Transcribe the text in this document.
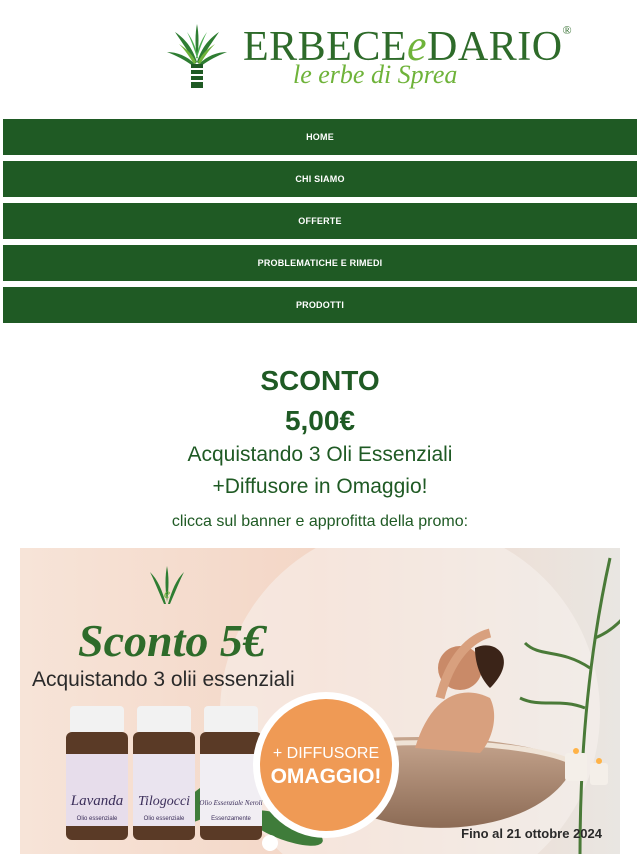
ERBECEeDARIO®
le erbe di Sprea
HOME
CHI SIAMO
OFFERTE
PROBLEMATICHE E RIMEDI
PRODOTTI
SCONTO
5,00€
Acquistando 3 Oli Essenziali
+Diffusore in Omaggio!
clicca sul banner e approfitta della promo:
e
Sconto 5€
Acquistando 3 olii essenziali
Lavanda
Olio essenziale
Tilogocci
Olio essenziale
Olio Essenziale Neroli
Essenzamente
+ DIFFUSORE
OMAGGIO!
Fino al 21 ottobre 2024
